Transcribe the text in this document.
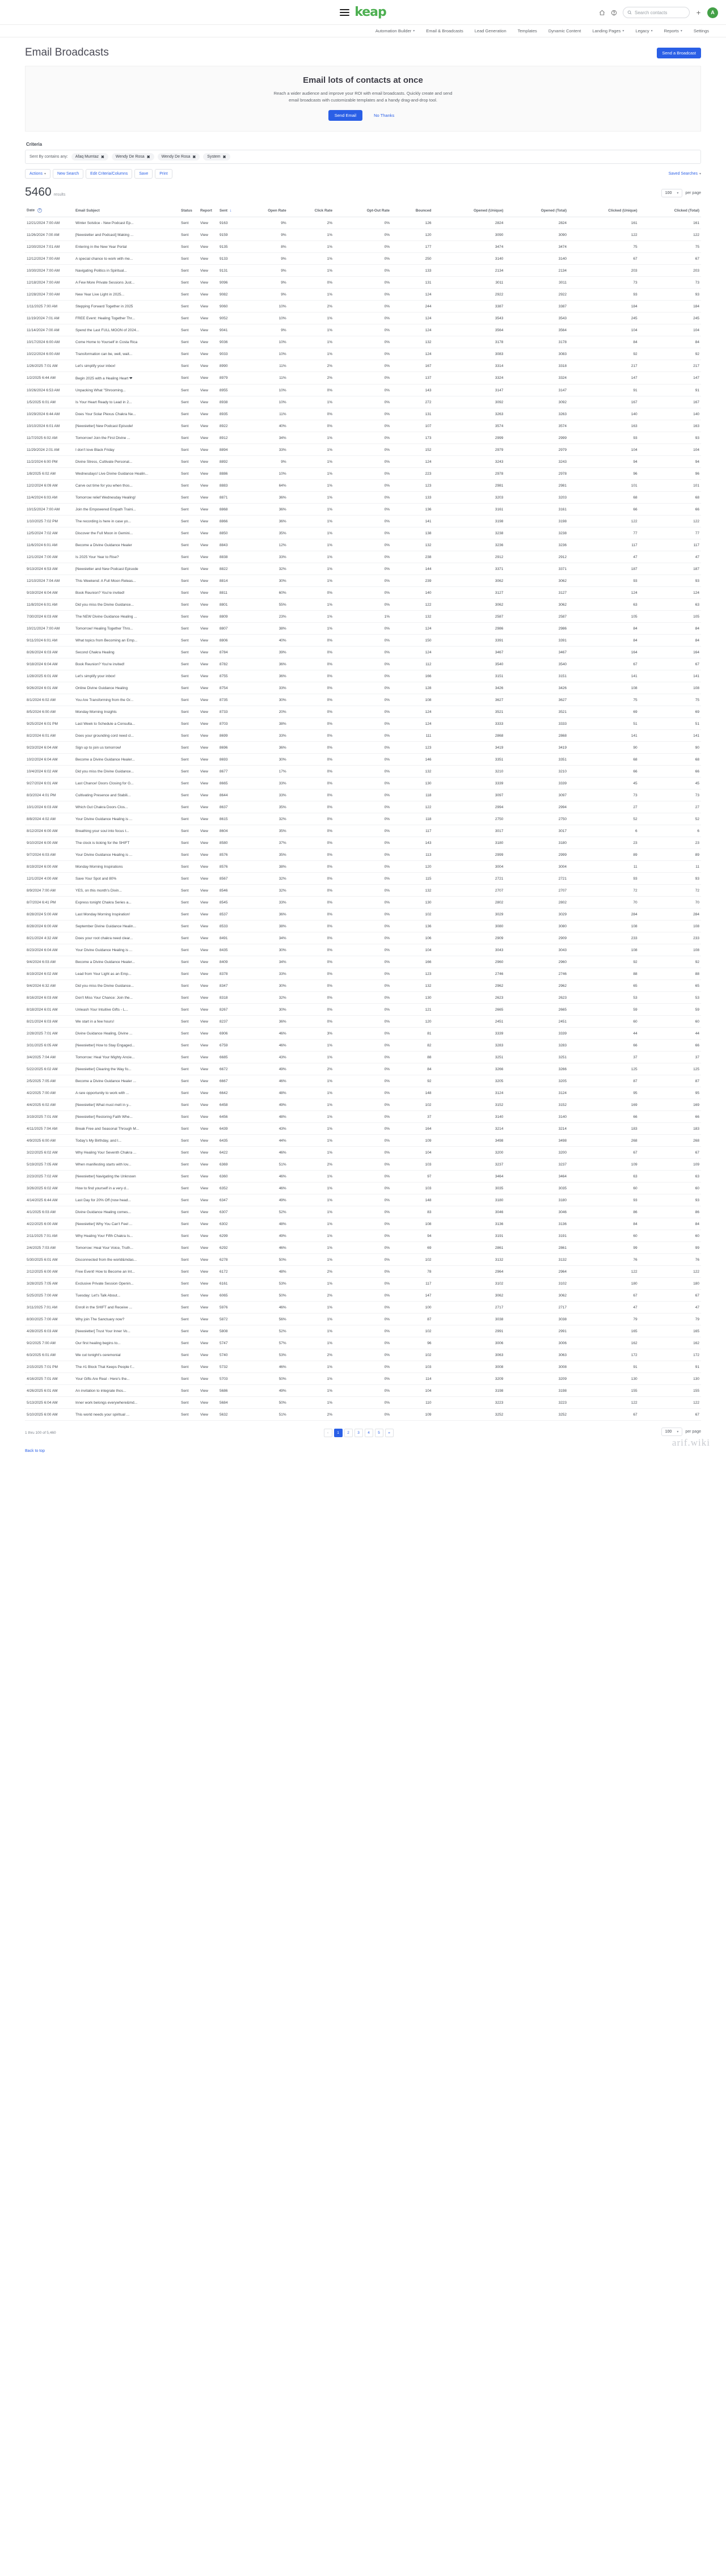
keap	Search contacts	A
Automation Builder ▾	Email & Broadcasts	Lead Generation	Templates	Dynamic Content	Landing Pages ▾	Legacy ▾	Reports ▾	Settings
Email Broadcasts	Send a Broadcast
Email lots of contacts at once

Reach a wider audience and improve your ROI with email broadcasts. Quickly create and send email broadcasts with customizable templates and a handy drag-and-drop tool.

Send Email	No Thanks
Criteria
Sent By contains any: Afaq Mumtaz ✖	Wendy De Rosa ✖	Wendy De Rosa ✖	System ✖
Actions ▾	New Search	Edit Criteria/Columns	Save	Print	Saved Searches ▾
5460 results	100 ▾ per page
Date ?	Email Subject	Status	Report	Sent ↓	Open Rate	Click Rate	Opt-Out Rate	Bounced	Opened (Unique)	Opened (Total)	Clicked (Unique)	Clicked (Total)
12/21/2024 7:00 AM	Winter Solstice - New Podcast Ep...	Sent	View	9163	9%	2%	0%	126	2824	2824	161	161
11/26/2024 7:00 AM	[Newsletter and Podcast] Making ...	Sent	View	9159	9%	1%	0%	120	3090	3090	122	122
12/30/2024 7:01 AM	Entering in the New Year Portal	Sent	View	9135	8%	1%	0%	177	3474	3474	75	75
12/12/2024 7:00 AM	A special chance to work with me...	Sent	View	9133	9%	1%	0%	250	3140	3140	67	67
10/30/2024 7:00 AM	Navigating Politics in Spiritual...	Sent	View	9131	9%	1%	0%	133	2134	2134	203	203
12/18/2024 7:00 AM	A Few More Private Sessions Just...	Sent	View	9096	9%	0%	0%	131	3011	3011	73	73
12/28/2024 7:00 AM	New Year Live Light in 2025...	Sent	View	9082	9%	1%	0%	124	2922	2922	93	93
1/11/2025 7:00 AM	Stepping Forward Together in 2025	Sent	View	9060	10%	2%	0%	244	3387	3387	184	184
11/19/2024 7:01 AM	FREE Event: Healing Together Thr...	Sent	View	9052	10%	1%	0%	124	3543	3543	245	245
11/14/2024 7:00 AM	Spend the Last FULL MOON of 2024...	Sent	View	9041	9%	1%	0%	124	3564	3564	104	104
10/17/2024 6:00 AM	Come Home to Yourself in Costa Rica	Sent	View	9036	10%	1%	0%	132	3178	3178	84	84
10/22/2024 6:00 AM	Transformation can be, well, wait...	Sent	View	9033	10%	1%	0%	124	3083	3083	92	92
1/26/2025 7:01 AM	Let's simplify your inbox!	Sent	View	8990	11%	2%	0%	167	3314	3318	217	217
1/2/2025 6:44 AM	Begin 2025 with a Healing Heart ❤	Sent	View	8979	11%	2%	0%	137	3324	3324	147	147
10/26/2024 6:53 AM	Unpacking What "Shrooming...	Sent	View	8955	10%	0%	0%	143	3147	3147	91	91
1/5/2025 6:01 AM	Is Your Heart Ready to Lead in 2...	Sent	View	8938	10%	1%	0%	272	3092	3092	167	167
10/29/2024 6:44 AM	Does Your Solar Plexus Chakra Ne...	Sent	View	8935	11%	0%	0%	131	3263	3263	140	140
10/10/2024 6:01 AM	[Newsletter] New Podcast Episode!	Sent	View	8922	40%	0%	0%	107	3574	3574	163	163
11/7/2025 6:02 AM	Tomorrow! Join the First Divine ...	Sent	View	8912	34%	1%	0%	173	2999	2999	93	93
11/29/2024 2:01 AM	I don't love Black Friday	Sent	View	8894	33%	1%	0%	152	2979	2979	104	104
11/2/2024 6:00 PM	Divine Stress, Cultivate Personal...	Sent	View	8892	9%	1%	0%	124	3243	3243	94	94
1/8/2025 6:02 AM	Wednesdays! Live Divine Guidance Healin...	Sent	View	8886	10%	1%	0%	223	2978	2978	96	96
12/2/2024 6:09 AM	Carve out time for you when thos...	Sent	View	8883	64%	1%	0%	123	2981	2981	101	101
11/4/2024 6:03 AM	Tomorrow relief Wednesday Healing!	Sent	View	8871	36%	1%	0%	133	3203	3203	68	68
10/15/2024 7:00 AM	Join the Empowered Empath Traini...	Sent	View	8868	36%	1%	0%	136	3161	3161	66	66
1/10/2025 7:02 PM	The recording is here in case yo...	Sent	View	8866	36%	1%	0%	141	3198	3198	122	122
12/5/2024 7:02 AM	Discover the Full Moon in Gemini...	Sent	View	8850	35%	1%	0%	138	3238	3238	77	77
11/6/2024 6:01 AM	Become a Divine Guidance Healer	Sent	View	8843	12%	1%	0%	132	3236	3236	117	117
12/1/2024 7:00 AM	Is 2025 Your Year to Rise?	Sent	View	8838	33%	1%	0%	238	2912	2912	47	47
9/13/2024 6:53 AM	[Newsletter and New Podcast Episode	Sent	View	8822	32%	1%	0%	144	3371	3371	187	187
12/10/2024 7:04 AM	This Weekend: A Full Moon Releas...	Sent	View	8814	30%	1%	0%	239	3062	3062	93	93
9/19/2024 6:04 AM	Book Reunion? You're invited!	Sent	View	8811	60%	0%	0%	140	3127	3127	124	124
11/8/2024 6:01 AM	Did you miss the Divine Guidance...	Sent	View	8801	55%	1%	0%	122	3062	3062	63	63
7/30/2024 6:03 AM	The NEW Divine Guidance Healing ...	Sent	View	8809	23%	1%	1%	132	2587	2587	105	105
10/21/2024 7:00 AM	Tomorrow! Healing Together Thro...	Sent	View	8807	38%	1%	0%	124	2986	2986	84	84
9/11/2024 6:01 AM	What topics from Becoming an Emp...	Sent	View	8806	40%	0%	0%	150	3391	3391	84	84
8/26/2024 6:03 AM	Second Chakra Healing	Sent	View	8784	39%	0%	0%	124	3467	3467	164	164
9/18/2024 6:04 AM	Book Reunion? You're invited!	Sent	View	8782	36%	0%	0%	112	3540	3540	67	67
1/28/2025 6:01 AM	Let's simplify your inbox!	Sent	View	8755	36%	0%	0%	166	3151	3151	141	141
9/26/2024 6:01 AM	Online Divine Guidance Healing	Sent	View	8754	33%	0%	0%	128	3426	3426	108	108
8/1/2024 6:02 AM	You Are Transforming from the Gr...	Sent	View	8735	30%	0%	0%	108	3627	3627	75	75
8/5/2024 6:00 AM	Monday Morning Insights	Sent	View	8733	20%	0%	0%	124	3521	3521	69	69
9/25/2024 6:01 PM	Last Week to Schedule a Consulta...	Sent	View	8703	38%	0%	0%	124	3333	3333	51	51
8/2/2024 6:01 AM	Does your grounding cord need cl...	Sent	View	8699	33%	0%	0%	111	2868	2868	141	141
9/23/2024 6:04 AM	Sign up to join us tomorrow!	Sent	View	8696	36%	0%	0%	123	3419	3419	90	90
10/2/2024 6:04 AM	Become a Divine Guidance Healer...	Sent	View	8693	30%	0%	0%	146	3351	3351	68	68
10/4/2024 6:02 AM	Did you miss the Divine Guidance...	Sent	View	8677	17%	0%	0%	132	3210	3210	66	66
9/27/2024 6:01 AM	Last Chance! Doors Closing for G...	Sent	View	8665	33%	0%	0%	130	3339	3339	45	45
8/3/2024 4:01 PM	Cultivating Presence and Stabili...	Sent	View	8644	33%	0%	0%	118	3097	3097	73	73
10/1/2024 6:03 AM	Which Gut Chakra Doors Clos...	Sent	View	8637	35%	0%	0%	122	2994	2994	27	27
8/8/2024 4:02 AM	Your Divine Guidance Healing is ...	Sent	View	8615	32%	0%	0%	118	2750	2750	52	52
8/12/2024 6:00 AM	Breathing your soul into focus t...	Sent	View	8604	35%	0%	0%	117	3017	3017	6	6
9/10/2024 6:00 AM	The clock is ticking for the SHIFT	Sent	View	8580	37%	0%	0%	143	3180	3180	23	23
9/7/2024 6:03 AM	Your Divine Guidance Healing is ...	Sent	View	8576	35%	0%	0%	113	2999	2999	89	89
8/19/2024 6:00 AM	Monday Morning Inspirations	Sent	View	8576	38%	0%	0%	120	3004	3004	11	11
12/1/2024 4:00 AM	Save Your Spot and 80%	Sent	View	8567	32%	0%	0%	115	2721	2721	93	93
8/9/2024 7:00 AM	YES, on this month's Divin...	Sent	View	8546	32%	0%	0%	132	2707	2707	72	72
8/7/2024 6:41 PM	Express tonight Chakra Series a...	Sent	View	8545	33%	0%	0%	130	2802	2802	70	70
8/28/2024 5:00 AM	Last Monday Morning Inspiration!	Sent	View	8537	36%	0%	0%	102	3029	3029	284	284
8/28/2024 6:00 AM	September Divine Guidance Healin...	Sent	View	8533	38%	0%	0%	136	3080	3080	108	108
8/21/2024 4:32 AM	Does your root chakra need clear...	Sent	View	8491	34%	0%	0%	106	2909	2909	233	233
8/23/2024 6:04 AM	Your Divine Guidance Healing is ...	Sent	View	8435	30%	0%	0%	104	3043	3043	108	108
9/4/2024 6:03 AM	Become a Divine Guidance Healer...	Sent	View	8409	34%	0%	0%	166	2960	2960	92	92
8/19/2024 6:02 AM	Lead from Your Light as an Emp...	Sent	View	8378	33%	0%	0%	123	2746	2746	88	88
9/4/2024 6:32 AM	Did you miss the Divine Guidance...	Sent	View	8347	30%	0%	0%	132	2962	2962	65	65
8/16/2024 6:03 AM	Don't Miss Your Chance: Join the...	Sent	View	8318	32%	0%	0%	130	2623	2623	53	53
8/18/2024 6:01 AM	Unleash Your Intuitive Gifts - L...	Sent	View	8267	30%	0%	0%	121	2665	2665	59	59
8/21/2024 6:03 AM	We start in a few hours!	Sent	View	8237	36%	0%	0%	120	2451	2451	60	60
2/28/2025 7:01 AM	Divine Guidance Healing, Divine ...	Sent	View	6906	46%	3%	0%	81	3339	3339	44	44
3/31/2025 6:05 AM	[Newsletter] How to Stay Engaged...	Sent	View	6759	46%	1%	0%	82	3283	3283	66	66
3/4/2025 7:04 AM	Tomorrow: Heal Your Mighty Ancie...	Sent	View	6685	43%	1%	0%	88	3251	3251	37	37
5/22/2025 6:02 AM	[Newsletter] Clearing the Way fo...	Sent	View	6672	49%	2%	0%	84	3266	3266	125	125
2/5/2025 7:05 AM	Become a Divine Guidance Healer ...	Sent	View	6667	46%	1%	0%	92	3205	3205	87	87
4/2/2025 7:00 AM	A rare opportunity to work with ...	Sent	View	6642	48%	1%	0%	148	3124	3124	95	95
4/4/2025 6:02 AM	[Newsletter] What must melt in y...	Sent	View	6458	49%	1%	0%	102	3152	3152	169	169
3/19/2025 7:01 AM	[Newsletter] Restoring Faith Whe...	Sent	View	6456	48%	1%	0%	37	3140	3140	66	66
4/11/2025 7:04 AM	Break Free and Seasonal Through M...	Sent	View	6439	43%	1%	0%	164	3214	3214	183	183
4/9/2025 6:00 AM	Today's My Birthday, and I...	Sent	View	6435	44%	1%	0%	109	3498	3498	268	268
3/22/2025 6:02 AM	Why Healing Your Seventh Chakra ...	Sent	View	6422	46%	1%	0%	104	3200	3200	67	67
5/19/2025 7:05 AM	When manifesting starts with lov...	Sent	View	6369	51%	2%	0%	103	3237	3237	109	109
2/23/2025 7:02 AM	[Newsletter] Navigating the Unknown	Sent	View	6360	46%	1%	0%	97	3464	3464	63	63
3/26/2025 6:02 AM	How to find yourself in a very d...	Sent	View	6352	46%	1%	0%	103	3035	3035	60	60
4/14/2025 6:44 AM	Last Day for 20% Off (now head...	Sent	View	6347	49%	1%	0%	148	3180	3180	93	93
4/1/2025 6:03 AM	Divine Guidance Healing comes...	Sent	View	6307	52%	1%	0%	83	3046	3046	86	86
4/22/2025 6:00 AM	[Newsletter] Why You Can't Feel ...	Sent	View	6302	48%	1%	0%	108	3136	3136	84	84
2/11/2025 7:01 AM	Why Healing Your Fifth Chakra Is...	Sent	View	6299	49%	1%	0%	94	3191	3191	60	60
2/4/2025 7:03 AM	Tomorrow: Heal Your Voice, Truth...	Sent	View	6292	46%	1%	0%	69	2861	2861	99	99
5/30/2025 6:01 AM	Disconnected from the world&mdas...	Sent	View	6278	50%	1%	0%	102	3132	3132	76	76
2/12/2025 6:00 AM	Free Event! How to Become an Int...	Sent	View	6172	48%	2%	0%	78	2964	2964	122	122
3/28/2025 7:05 AM	Exclusive Private Session Openin...	Sent	View	6161	53%	1%	0%	117	3102	3102	180	180
5/25/2025 7:00 AM	Tuesday: Let's Talk About...	Sent	View	6065	50%	2%	0%	147	3062	3062	67	67
3/11/2025 7:01 AM	Enroll in the SHIFT and Receive ...	Sent	View	5976	46%	1%	0%	100	2717	2717	47	47
8/30/2025 7:00 AM	Why join The Sanctuary now?	Sent	View	5872	56%	1%	0%	87	3038	3038	79	79
4/28/2025 6:03 AM	[Newsletter] Trust Your Inner Vo...	Sent	View	5808	52%	1%	0%	102	2991	2991	165	165
9/2/2025 7:00 AM	Our first healing begins to...	Sent	View	5747	57%	1%	0%	96	3006	3006	162	162
6/3/2025 6:01 AM	We cut tonight's ceremonial	Sent	View	5740	53%	2%	0%	102	3063	3063	172	172
2/15/2025 7:01 PM	The #1 Block That Keeps People f...	Sent	View	5732	46%	1%	0%	103	3008	3008	91	91
4/16/2025 7:01 AM	Your Gifts Are Real - Here's the...	Sent	View	5703	50%	1%	0%	114	3209	3209	130	130
4/26/2025 6:01 AM	An invitation to integrate thos...	Sent	View	5686	49%	1%	0%	104	3198	3198	155	155
5/13/2025 6:04 AM	Inner work belongs everywhere&md...	Sent	View	5684	50%	1%	0%	110	3223	3223	122	122
5/10/2025 6:00 AM	This world needs your spiritual ...	Sent	View	5632	51%	2%	0%	109	3252	3252	67	67
1 thru 100 of 5,460	‹	1	2	3	4	5	»	100 ▾ per page
Back to top
arif.wiki
